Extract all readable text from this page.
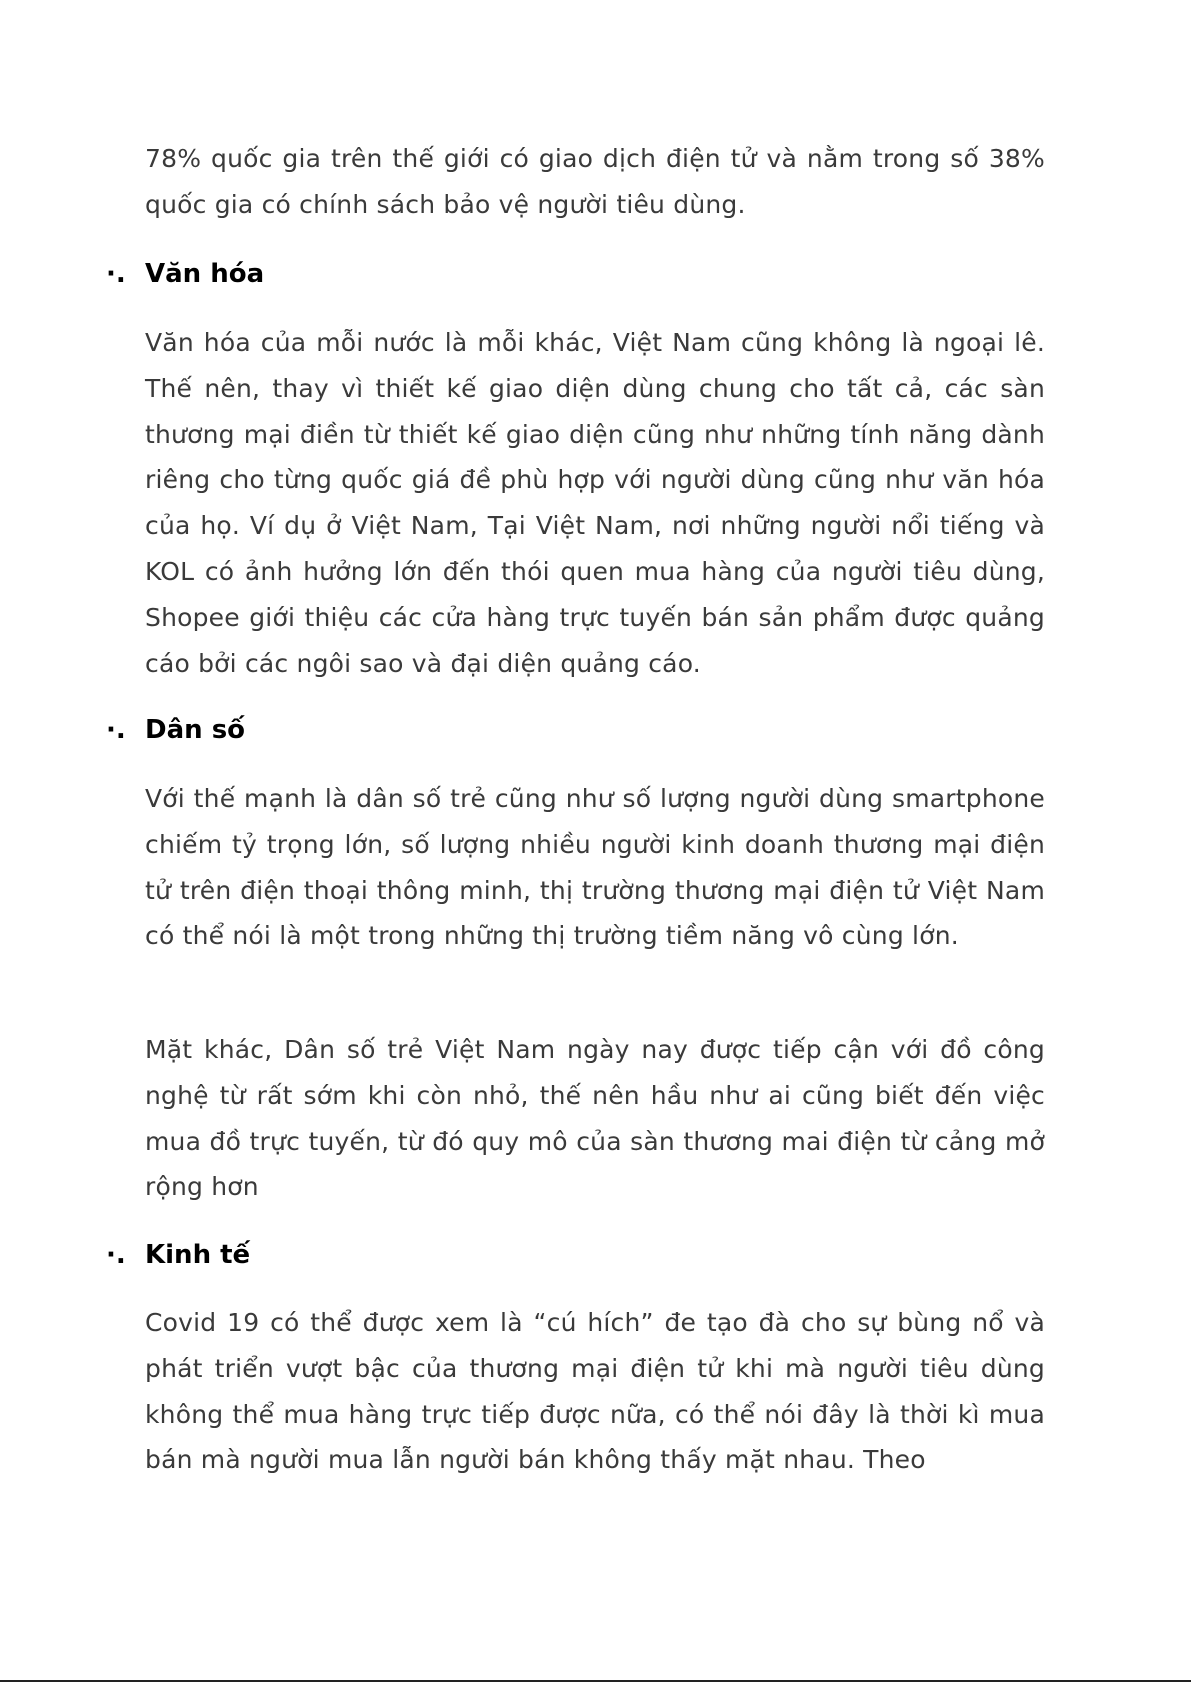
78% quốc gia trên thế giới có giao dịch điện tử và nằm trong số 38% quốc gia có chính sách bảo vệ người tiêu dùng.

·. Văn hóa

Văn hóa của mỗi nước là mỗi khác, Việt Nam cũng không là ngoại lê. Thế nên, thay vì thiết kế giao diện dùng chung cho tất cả, các sàn thương mại điền từ thiết kế giao diện cũng như những tính năng dành riêng cho từng quốc giá đề phù hợp với người dùng cũng như văn hóa của họ. Ví dụ ở Việt Nam, Tại Việt Nam, nơi những người nổi tiếng và KOL có ảnh hưởng lớn đến thói quen mua hàng của người tiêu dùng, Shopee giới thiệu các cửa hàng trực tuyến bán sản phẩm được quảng cáo bởi các ngôi sao và đại diện quảng cáo.

·. Dân số

Với thế mạnh là dân số trẻ cũng như số lượng người dùng smartphone chiếm tỷ trọng lớn, số lượng nhiều người kinh doanh thương mại điện tử trên điện thoại thông minh, thị trường thương mại điện tử Việt Nam có thể nói là một trong những thị trường tiềm năng vô cùng lớn.

Mặt khác, Dân số trẻ Việt Nam ngày nay được tiếp cận với đồ công nghệ từ rất sớm khi còn nhỏ, thế nên hầu như ai cũng biết đến việc mua đồ trực tuyến, từ đó quy mô của sàn thương mai điện từ cảng mở rộng hơn

·. Kinh tế

Covid 19 có thể được xem là “cú hích” đe tạo đà cho sự bùng nổ và phát triển vượt bậc của thương mại điện tử khi mà người tiêu dùng không thể mua hàng trực tiếp được nữa, có thể nói đây là thời kì mua bán mà người mua lẫn người bán không thấy mặt nhau. Theo
